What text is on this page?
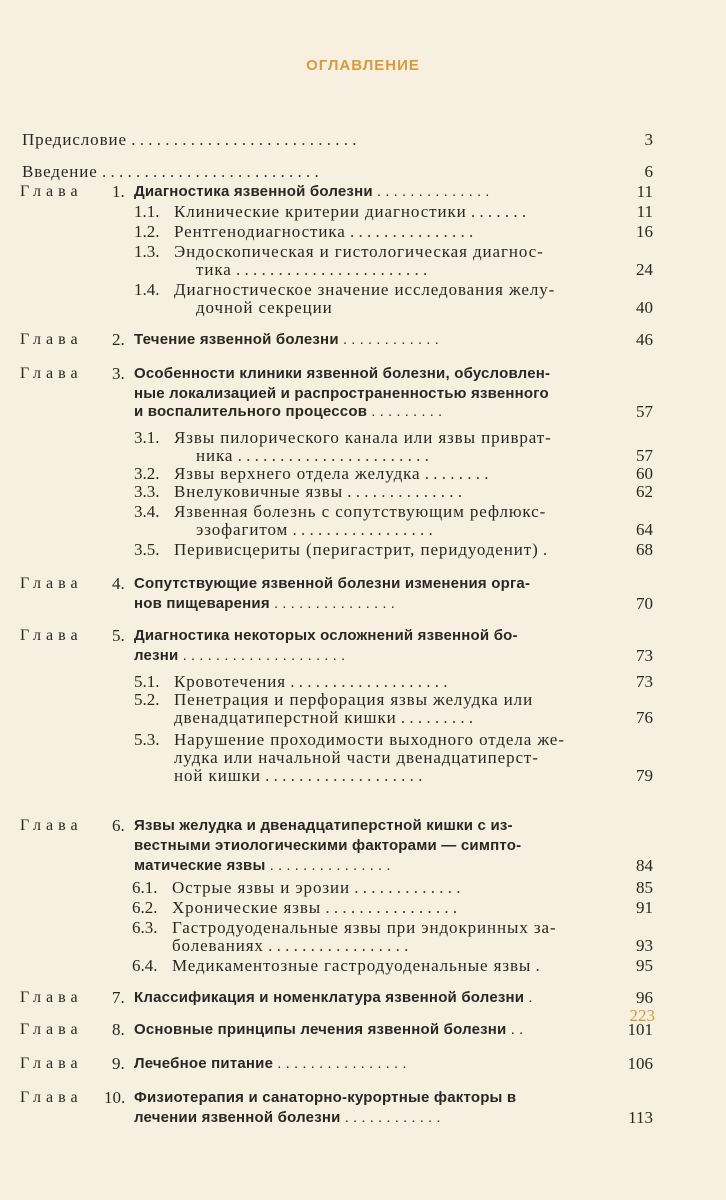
ОГЛАВЛЕНИЕ
Предисловие . . . . . . . . . . . . . . . . . . . . . . . . . . .	3
Введение . . . . . . . . . . . . . . . . . . . . . . . . . .	6
Глава 1. Диагностика язвенной болезни . . . . . . . . . . . . . .	11
1.1. Клинические критерии диагностики . . . . . . .	11
1.2. Рентгенодиагностика . . . . . . . . . . . . . . .	16
1.3. Эндоскопическая и гистологическая диагнос-
тика . . . . . . . . . . . . . . . . . . . . . . .	24
1.4. Диагностическое значение исследования желу-
дочной секреции	40
Глава 2. Течение язвенной болезни . . . . . . . . . . . .	46
Глава 3. Особенности клиники язвенной болезни, обусловлен-
ные локализацией и распространенностью язвенного
и воспалительного процессов . . . . . . . . .	57
3.1. Язвы пилорического канала или язвы приврат-
ника . . . . . . . . . . . . . . . . . . . . . . .	57
3.2. Язвы верхнего отдела желудка . . . . . . . .	60
3.3. Внелуковичные язвы . . . . . . . . . . . . . .	62
3.4. Язвенная болезнь с сопутствующим рефлюкс-
эзофагитом . . . . . . . . . . . . . . . . .	64
3.5. Перивисцериты (перигастрит, перидуоденит) .	68
Глава 4. Сопутствующие язвенной болезни изменения орга-
нов пищеварения . . . . . . . . . . . . . . .	70
Глава 5. Диагностика некоторых осложнений язвенной бо-
лезни . . . . . . . . . . . . . . . . . . . .	73
5.1. Кровотечения . . . . . . . . . . . . . . . . . . .	73
5.2. Пенетрация и перфорация язвы желудка или
двенадцатиперстной кишки . . . . . . . . .	76
5.3. Нарушение проходимости выходного отдела же-
лудка или начальной части двенадцатиперст-
ной кишки . . . . . . . . . . . . . . . . . . .	79
Глава 6. Язвы желудка и двенадцатиперстной кишки с из-
вестными этиологическими факторами — симпто-
матические язвы . . . . . . . . . . . . . . .	84
6.1. Острые язвы и эрозии . . . . . . . . . . . . .	85
6.2. Хронические язвы . . . . . . . . . . . . . . . .	91
6.3. Гастродуоденальные язвы при эндокринных за-
болеваниях . . . . . . . . . . . . . . . . .	93
6.4. Медикаментозные гастродуоденальные язвы .	95
Глава 7. Классификация и номенклатура язвенной болезни .	96
Глава 8. Основные принципы лечения язвенной болезни . .	101
Глава 9. Лечебное питание . . . . . . . . . . . . . . . .	106
Глава 10. Физиотерапия и санаторно-курортные факторы в
лечении язвенной болезни . . . . . . . . . . . .	113
223
